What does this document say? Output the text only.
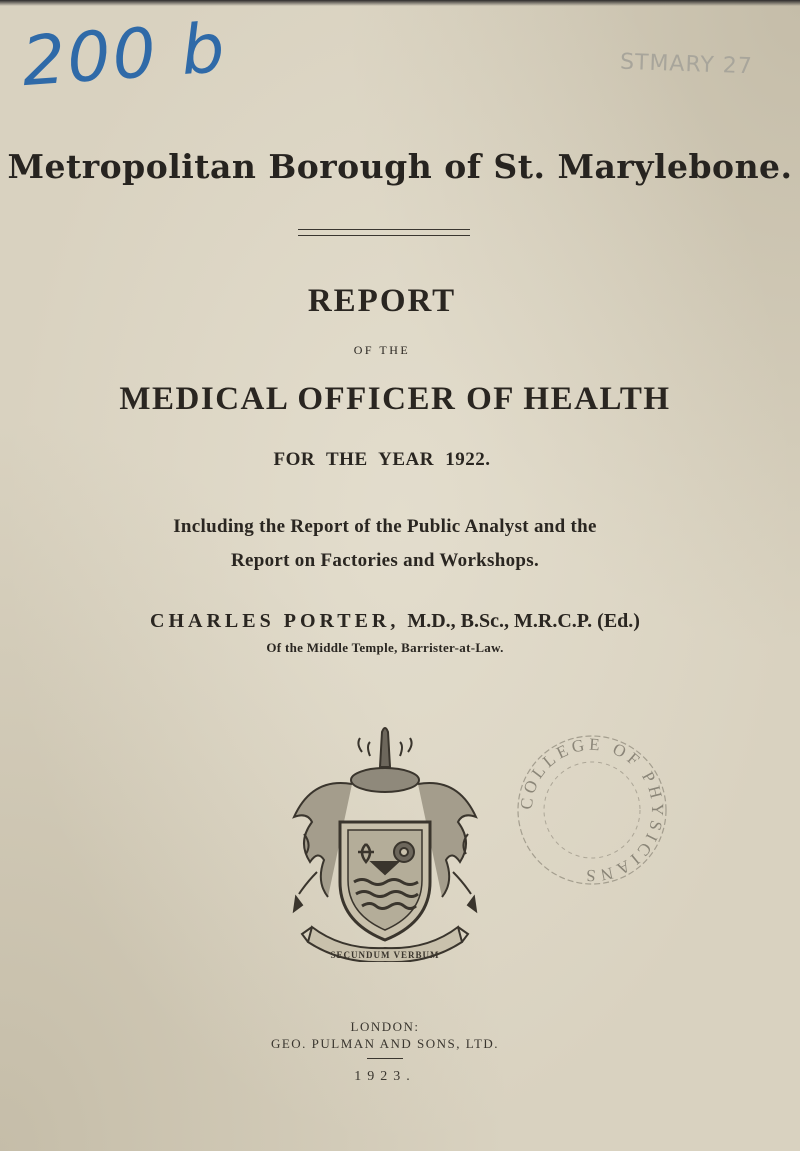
200 b	STMARY 27
Metropolitan Borough of St. Marylebone.
REPORT
OF THE
MEDICAL OFFICER OF HEALTH
FOR THE YEAR 1922.
Including the Report of the Public Analyst and the
Report on Factories and Workshops.
CHARLES PORTER, M.D., B.Sc., M.R.C.P. (Ed.)
Of the Middle Temple, Barrister-at-Law.
SECUNDUM VERBUM
COLLEGE OF PHYSICIANS
LONDON:
GEO. PULMAN AND SONS, LTD.
1923.
